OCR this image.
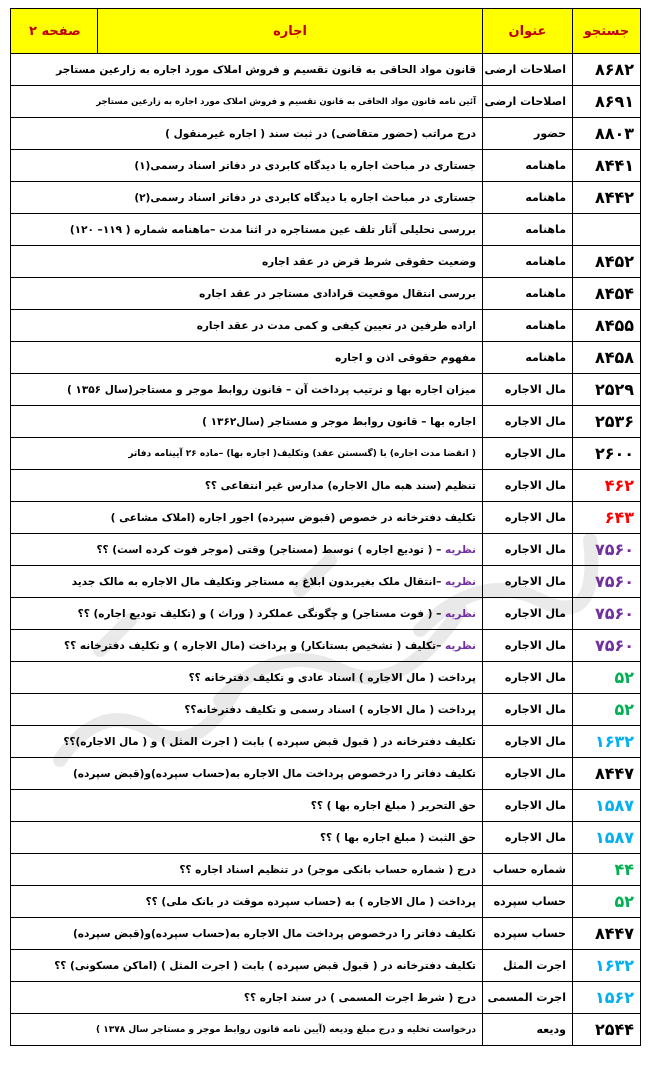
جستجو	عنوان	اجاره	صفحه ۲
۸۶۸۲	اصلاحات ارضی	قانون مواد الحاقی به قانون تقسیم و فروش املاک مورد اجاره به زارعین مستاجر	
۸۶۹۱	اصلاحات ارضی	آئین نامه قانون مواد الحاقی به قانون تقسیم و فروش املاک مورد اجاره به زارعین مستاجر	
۸۸۰۳	حضور	درج مراتب (حضور متقاضی) در ثبت سند ( اجاره غیرمنقول )	
۸۴۴۱	ماهنامه	جستاری در مباحث اجاره با دیدگاه کابردی در دفاتر اسناد رسمی(۱)	
۸۴۴۲	ماهنامه	جستاری در مباحث اجاره با دیدگاه کابردی در دفاتر اسناد رسمی(۲)	
	ماهنامه	بررسی تحلیلی آثار تلف عین مستاجره در اثنا مدت –ماهنامه شماره ( ۱۱۹– ۱۲۰)	
۸۴۵۲	ماهنامه	وضعیت حقوقی شرط قرض در عقد اجاره	
۸۴۵۴	ماهنامه	بررسی انتقال موقعیت قرادادی مستاجر در عقد اجاره	
۸۴۵۵	ماهنامه	اراده طرفین در تعیین کیفی و کمی مدت در عقد اجاره	
۸۴۵۸	ماهنامه	مفهوم حقوقی اذن و اجاره	
۲۵۲۹	مال الاجاره	میزان اجاره بها و ترتیب پرداخت آن – قانون روابط موجر و مستاجر(سال ۱۳۵۶ )	
۲۵۳۶	مال الاجاره	اجاره بها – قانون روابط موجر و مستاجر (سال۱۳۶۲ )	
۲۶۰۰	مال الاجاره	( انقضا مدت اجاره) با (گسستن عقد) وتکلیف( اجاره بها) –ماده ۲۶ آیینامه دفاتر	
۴۶۲	مال الاجاره	تنظیم (سند هبه مال الاجاره) مدارس غیر انتفاعی ؟؟	
۶۴۳	مال الاجاره	تکلیف دفترخانه در خصوص (قبوض سپرده) اجور اجاره (املاک مشاعی )	
۷۵۶۰	مال الاجاره	نظریه – ( تودیع اجاره ) توسط (مستاجر) وقتی (موجر فوت کرده است) ؟؟	
۷۵۶۰	مال الاجاره	نظریه –انتقال ملک بغیربدون ابلاغ به مستاجر وتکلیف مال الاجاره به مالک جدید	
۷۵۶۰	مال الاجاره	نظریه – ( فوت مستاجر) و چگونگی عملکرد ( وراث ) و (تکلیف تودیع اجاره) ؟؟	
۷۵۶۰	مال الاجاره	نظریه –تکلیف ( تشخیص بستانکار) و پرداخت (مال الاجاره ) و تکلیف دفترخانه ؟؟	
۵۲	مال الاجاره	پرداخت ( مال الاجاره ) اسناد عادی و تکلیف دفترخانه ؟؟	
۵۲	مال الاجاره	پرداخت ( مال الاجاره ) اسناد رسمی و تکلیف دفترخانه؟؟	
۱۶۳۲	مال الاجاره	تکلیف دفترخانه در ( قبول قبض سپرده ) بابت ( اجرت المثل ) و ( مال الاجاره)؟؟	
۸۴۴۷	مال الاجاره	تکلیف دفاتر را درخصوص پرداخت مال الاجاره به(حساب سپرده)و(قبض سپرده)	
۱۵۸۷	مال الاجاره	حق التحریر ( مبلغ اجاره بها ) ؟؟	
۱۵۸۷	مال الاجاره	حق الثبت ( مبلغ اجاره بها ) ؟؟	
۴۴	شماره حساب	درج ( شماره حساب بانکی موجر) در تنظیم اسناد اجاره ؟؟	
۵۲	حساب سپرده	پرداخت ( مال الاجاره ) به (حساب سپرده موقت در بانک ملی) ؟؟	
۸۴۴۷	حساب سپرده	تکلیف دفاتر را درخصوص پرداخت مال الاجاره به(حساب سپرده)و(قبض سپرده)	
۱۶۳۲	اجرت المثل	تکلیف دفترخانه در ( قبول قبض سپرده ) بابت ( اجرت المثل ) (اماکن مسکونی) ؟؟	
۱۵۶۲	اجرت المسمی	درج ( شرط اجرت المسمی ) در سند اجاره ؟؟	
۲۵۴۴	ودیعه	درخواست تخلیه و درج مبلغ ودیعه (آیین نامه قانون روابط موجر و مستاجر سال ۱۳۷۸ )	
